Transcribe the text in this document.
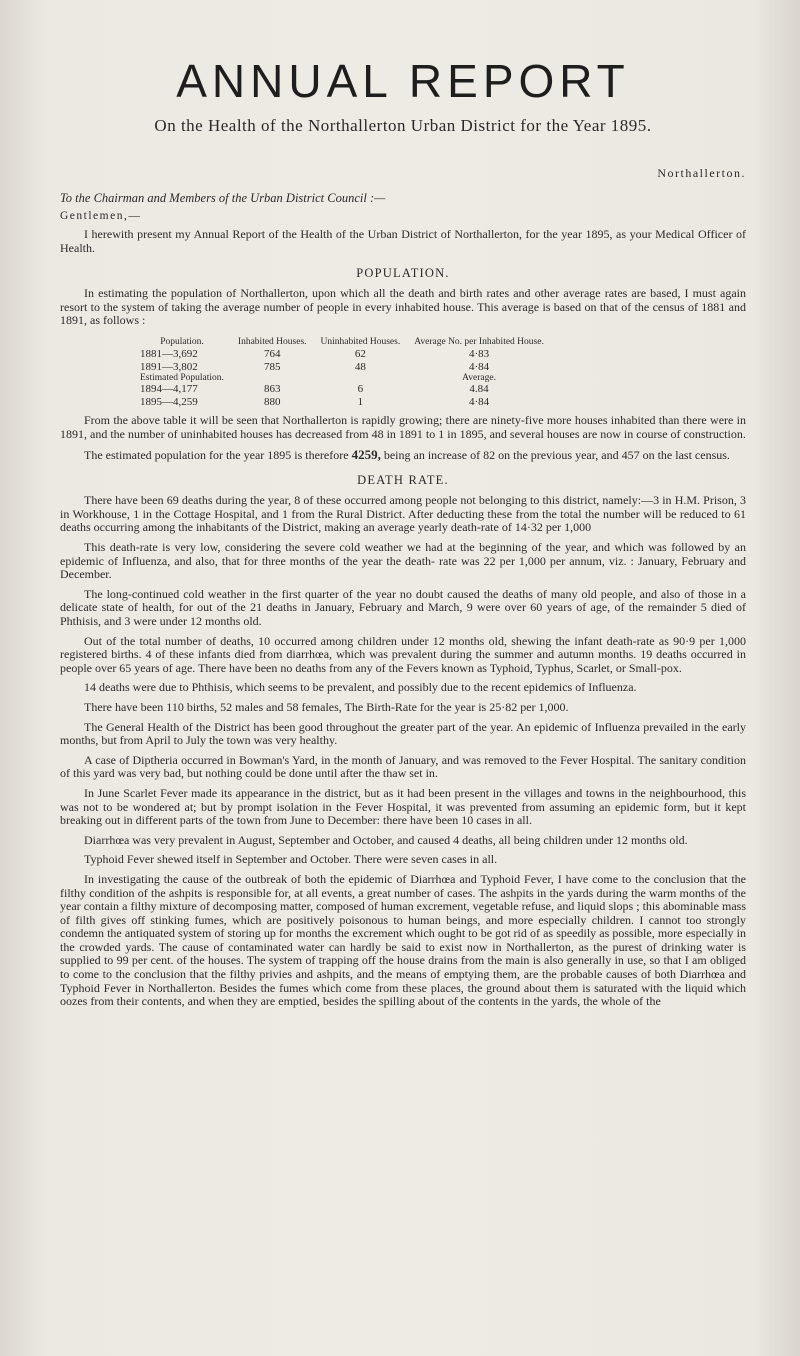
ANNUAL REPORT
On the Health of the Northallerton Urban District for the Year 1895.
Northallerton.
To the Chairman and Members of the Urban District Council :—
Gentlemen,—

I herewith present my Annual Report of the Health of the Urban District of Northallerton, for the year 1895, as your Medical Officer of Health.

POPULATION.

In estimating the population of Northallerton, upon which all the death and birth rates and other average rates are based, I must again resort to the system of taking the average number of people in every inhabited house. This average is based on that of the census of 1881 and 1891, as follows :

Population.	Inhabited Houses.	Uninhabited Houses.	Average No. per Inhabited House.
1881—3,692	764	62	4·83
1891—3,802	785	48	4·84
Estimated Population.			Average.
1894—4,177	863	6	4.84
1895—4,259	880	1	4·84

From the above table it will be seen that Northallerton is rapidly growing; there are ninety-five more houses inhabited than there were in 1891, and the number of uninhabited houses has decreased from 48 in 1891 to 1 in 1895, and several houses are now in course of construction.

The estimated population for the year 1895 is therefore 4259, being an increase of 82 on the previous year, and 457 on the last census.

DEATH RATE.

There have been 69 deaths during the year, 8 of these occurred among people not belonging to this district, namely:—3 in H.M. Prison, 3 in Workhouse, 1 in the Cottage Hospital, and 1 from the Rural District. After deducting these from the total the number will be reduced to 61 deaths occurring among the inhabitants of the District, making an average yearly death-rate of 14·32 per 1,000

This death-rate is very low, considering the severe cold weather we had at the beginning of the year, and which was followed by an epidemic of Influenza, and also, that for three months of the year the death- rate was 22 per 1,000 per annum, viz. : January, February and December.

The long-continued cold weather in the first quarter of the year no doubt caused the deaths of many old people, and also of those in a delicate state of health, for out of the 21 deaths in January, February and March, 9 were over 60 years of age, of the remainder 5 died of Phthisis, and 3 were under 12 months old.

Out of the total number of deaths, 10 occurred among children under 12 months old, shewing the infant death-rate as 90·9 per 1,000 registered births. 4 of these infants died from diarrhœa, which was prevalent during the summer and autumn months. 19 deaths occurred in people over 65 years of age. There have been no deaths from any of the Fevers known as Typhoid, Typhus, Scarlet, or Small-pox.

14 deaths were due to Phthisis, which seems to be prevalent, and possibly due to the recent epidemics of Influenza.

There have been 110 births, 52 males and 58 females, The Birth-Rate for the year is 25·82 per 1,000.

The General Health of the District has been good throughout the greater part of the year. An epidemic of Influenza prevailed in the early months, but from April to July the town was very healthy.

A case of Diptheria occurred in Bowman's Yard, in the month of January, and was removed to the Fever Hospital. The sanitary condition of this yard was very bad, but nothing could be done until after the thaw set in.

In June Scarlet Fever made its appearance in the district, but as it had been present in the villages and towns in the neighbourhood, this was not to be wondered at; but by prompt isolation in the Fever Hospital, it was prevented from assuming an epidemic form, but it kept breaking out in different parts of the town from June to December: there have been 10 cases in all.

Diarrhœa was very prevalent in August, September and October, and caused 4 deaths, all being children under 12 months old.

Typhoid Fever shewed itself in September and October. There were seven cases in all.

In investigating the cause of the outbreak of both the epidemic of Diarrhœa and Typhoid Fever, I have come to the conclusion that the filthy condition of the ashpits is responsible for, at all events, a great number of cases. The ashpits in the yards during the warm months of the year contain a filthy mixture of decomposing matter, composed of human excrement, vegetable refuse, and liquid slops ; this abominable mass of filth gives off stinking fumes, which are positively poisonous to human beings, and more especially children. I cannot too strongly condemn the antiquated system of storing up for months the excrement which ought to be got rid of as speedily as possible, more especially in the crowded yards. The cause of contaminated water can hardly be said to exist now in Northallerton, as the purest of drinking water is supplied to 99 per cent. of the houses. The system of trapping off the house drains from the main is also generally in use, so that I am obliged to come to the conclusion that the filthy privies and ashpits, and the means of emptying them, are the probable causes of both Diarrhœa and Typhoid Fever in Northallerton. Besides the fumes which come from these places, the ground about them is saturated with the liquid which oozes from their contents, and when they are emptied, besides the spilling about of the contents in the yards, the whole of the
